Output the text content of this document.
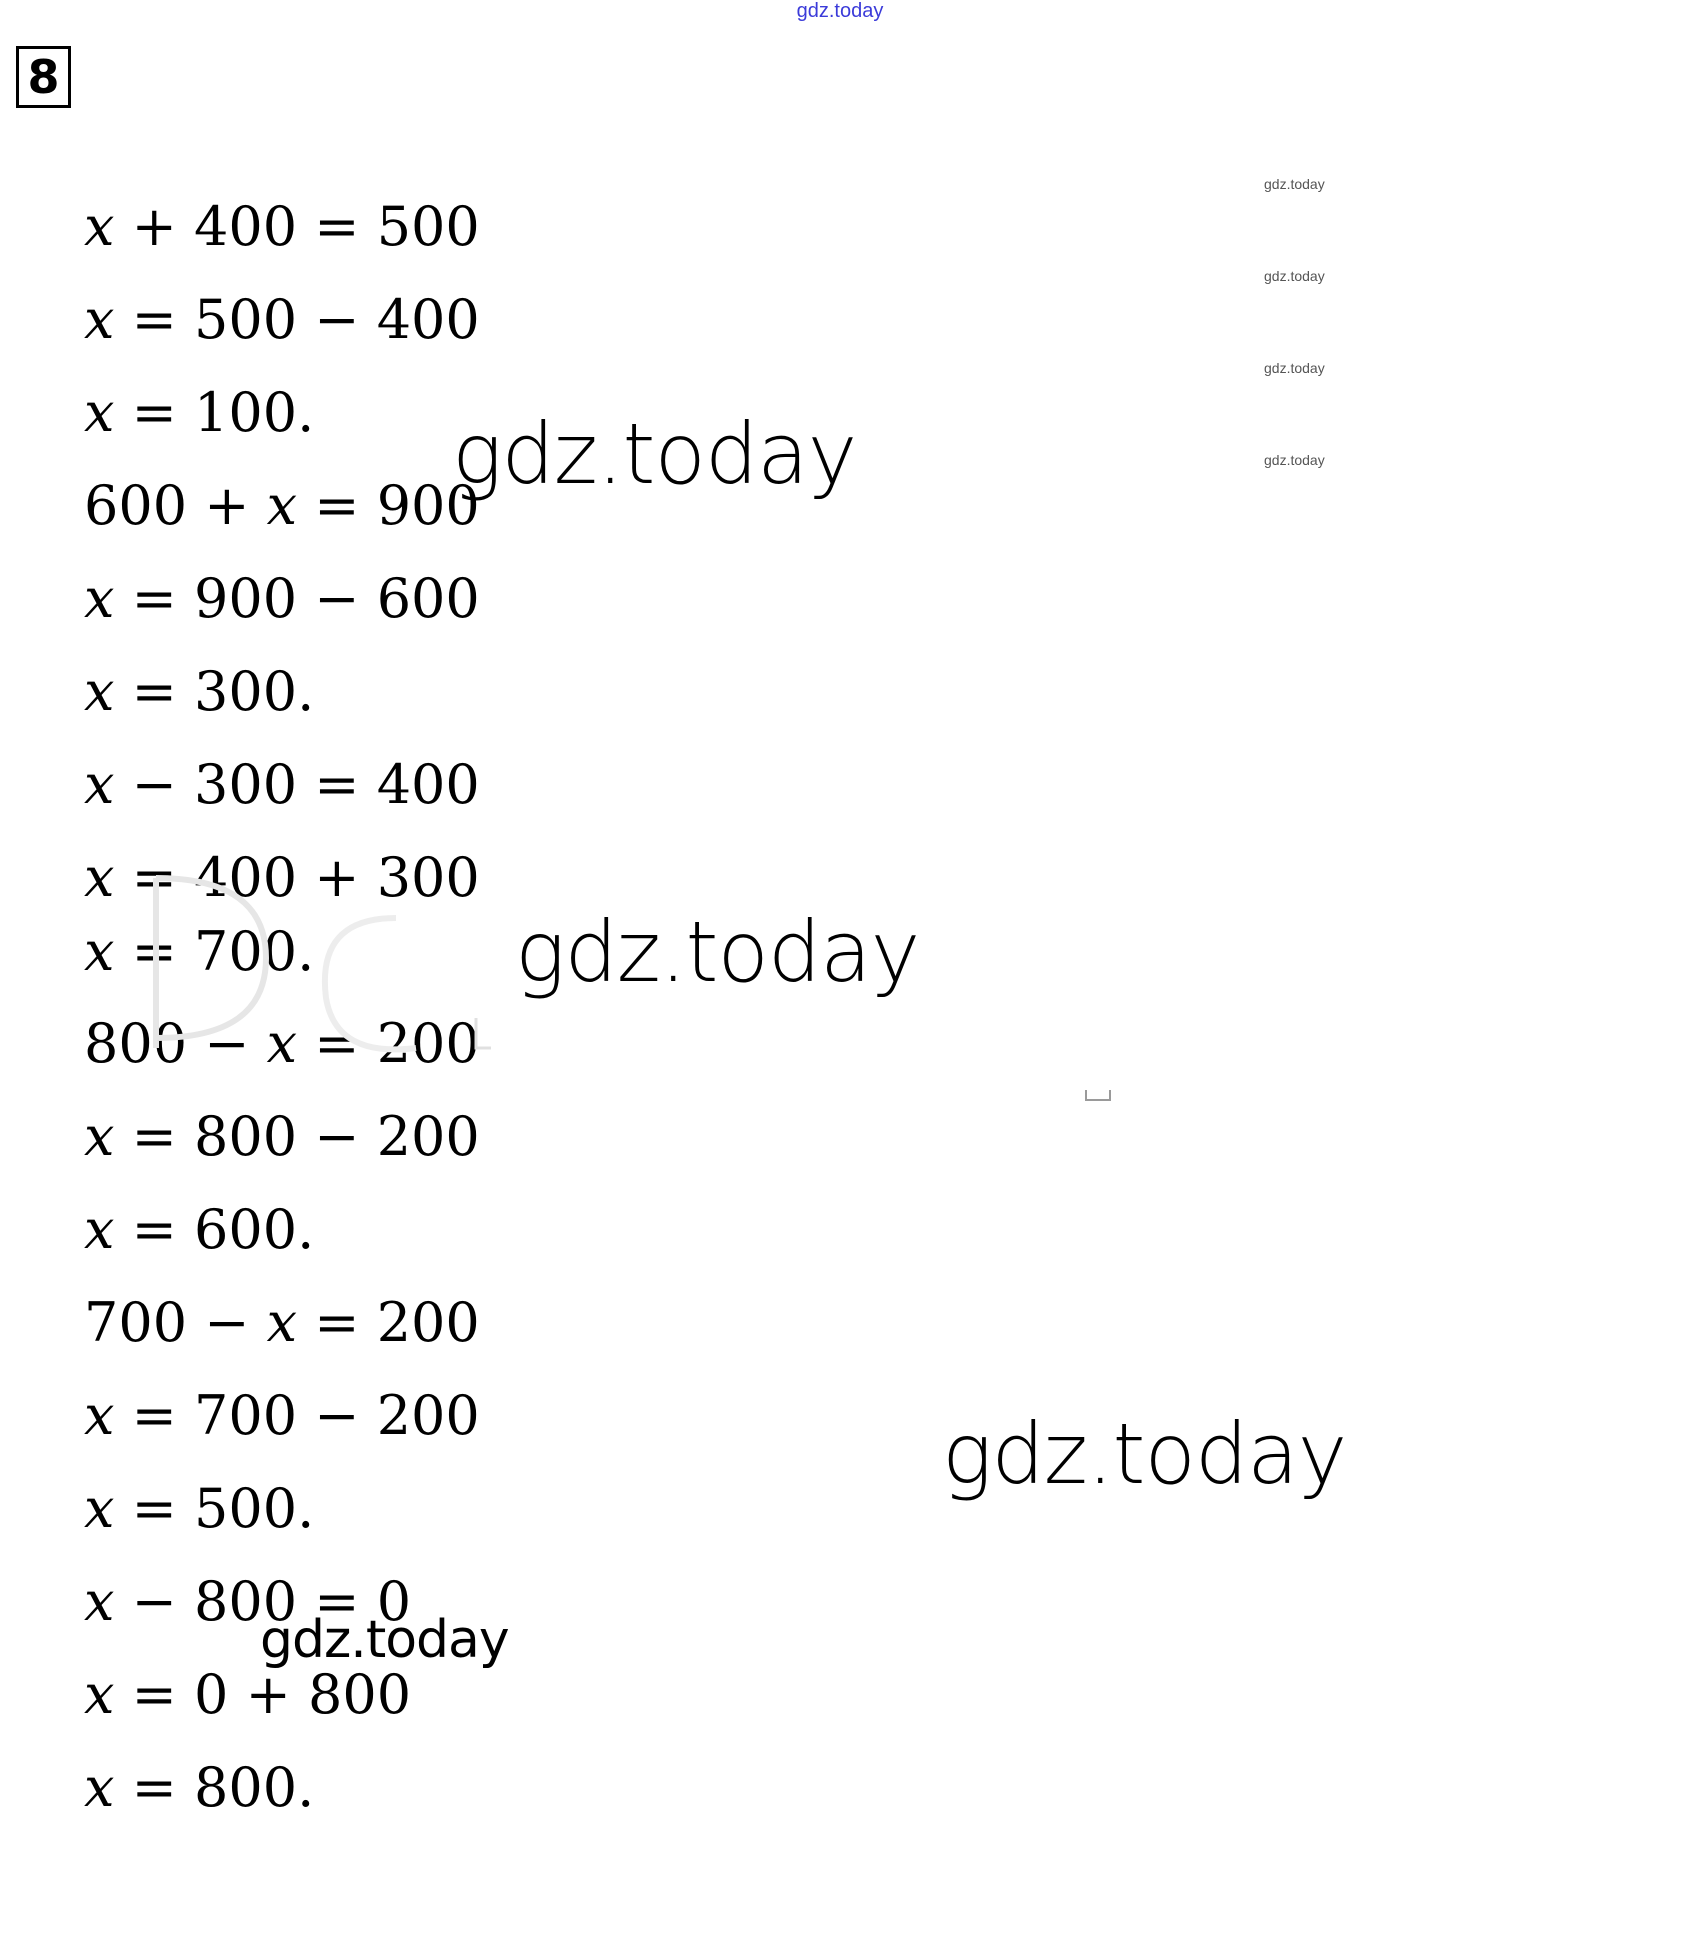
gdz.today
8
x + 400 = 500
x = 500 − 400
x = 100.
600 + x = 900
x = 900 − 600
x = 300.
x − 300 = 400
x = 400 + 300
x = 700.
800 − x = 200
x = 800 − 200
x = 600.
700 − x = 200
x = 700 − 200
x = 500.
x − 800 = 0
x = 0 + 800
x = 800.
gdz.today
gdz.today
gdz.today
gdz.today
gdz.today
gdz.today
gdz.today
gdz.today
